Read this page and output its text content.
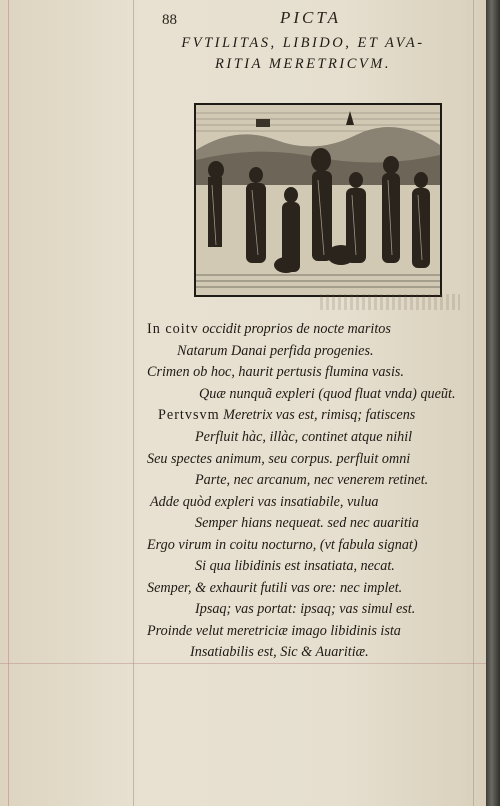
88	PICTA
FVTILITAS, LIBIDO, ET AVA-
RITIA MERETRICVM.
In coitv occidit proprios de nocte maritos
Natarum Danai perfida progenies.
Crimen ob hoc, haurit pertusis flumina vasis.
Quæ nunquã expleri (quod fluat vnda) queũt.
Pertvsvm Meretrix vas est, rimisq; fatiscens
Perfluit hàc, illàc, continet atque nihil
Seu spectes animum, seu corpus. perfluit omni
Parte, nec arcanum, nec venerem retinet.
Adde quòd expleri vas insatiabile, vulua
Semper hians nequeat. sed nec auaritia
Ergo virum in coitu nocturno, (vt fabula signat)
Si qua libidinis est insatiata, necat.
Semper, & exhaurit futili vas ore: nec implet.
Ipsaq; vas portat: ipsaq; vas simul est.
Proinde velut meretriciæ imago libidinis ista
Insatiabilis est, Sic & Auaritiæ.
